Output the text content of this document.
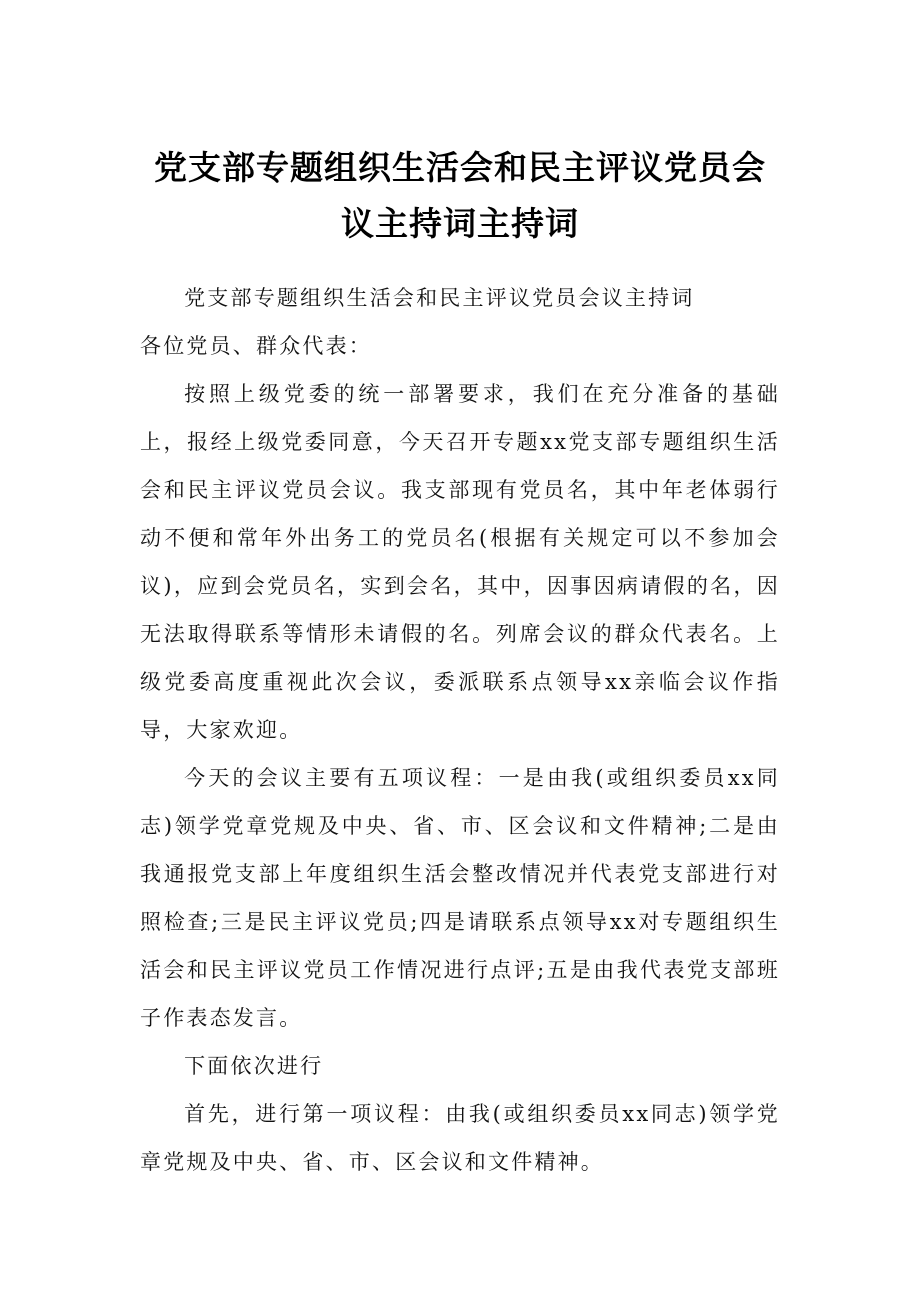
党支部专题组织生活会和民主评议党员会
议主持词主持词

党支部专题组织生活会和民主评议党员会议主持词

各位党员、群众代表：

按照上级党委的统一部署要求，我们在充分准备的基础上，报经上级党委同意，今天召开专题xx党支部专题组织生活会和民主评议党员会议。我支部现有党员名，其中年老体弱行动不便和常年外出务工的党员名(根据有关规定可以不参加会议)，应到会党员名，实到会名，其中，因事因病请假的名，因无法取得联系等情形未请假的名。列席会议的群众代表名。上级党委高度重视此次会议，委派联系点领导xx亲临会议作指导，大家欢迎。

今天的会议主要有五项议程：一是由我(或组织委员xx同志)领学党章党规及中央、省、市、区会议和文件精神;二是由我通报党支部上年度组织生活会整改情况并代表党支部进行对照检查;三是民主评议党员;四是请联系点领导xx对专题组织生活会和民主评议党员工作情况进行点评;五是由我代表党支部班子作表态发言。

下面依次进行

首先，进行第一项议程：由我(或组织委员xx同志)领学党章党规及中央、省、市、区会议和文件精神。
